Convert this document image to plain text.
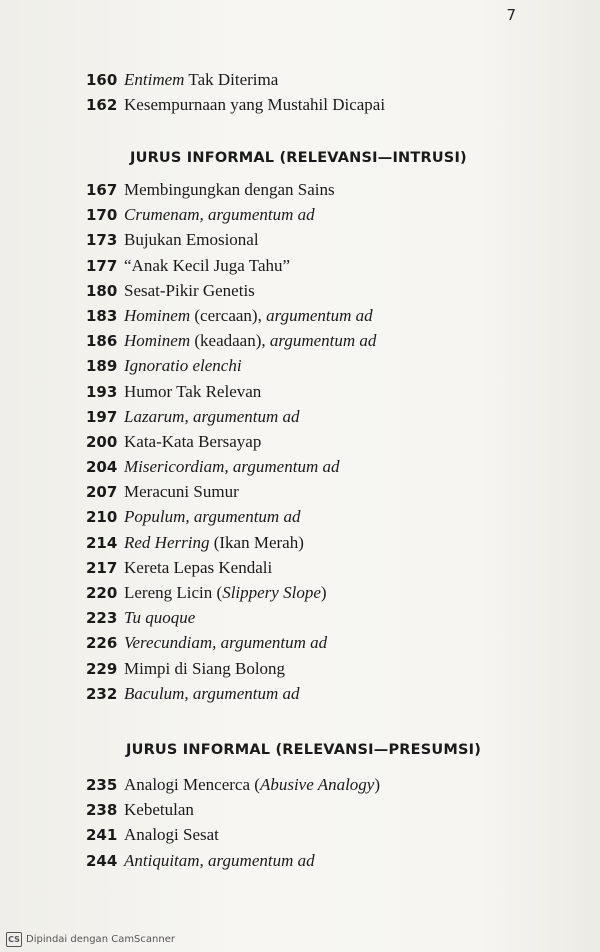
7
160 Entimem Tak Diterima
162 Kesempurnaan yang Mustahil Dicapai
JURUS INFORMAL (RELEVANSI—INTRUSI)
167 Membingungkan dengan Sains
170 Crumenam, argumentum ad
173 Bujukan Emosional
177 “Anak Kecil Juga Tahu”
180 Sesat-Pikir Genetis
183 Hominem (cercaan), argumentum ad
186 Hominem (keadaan), argumentum ad
189 Ignoratio elenchi
193 Humor Tak Relevan
197 Lazarum, argumentum ad
200 Kata-Kata Bersayap
204 Misericordiam, argumentum ad
207 Meracuni Sumur
210 Populum, argumentum ad
214 Red Herring (Ikan Merah)
217 Kereta Lepas Kendali
220 Lereng Licin (Slippery Slope)
223 Tu quoque
226 Verecundiam, argumentum ad
229 Mimpi di Siang Bolong
232 Baculum, argumentum ad
JURUS INFORMAL (RELEVANSI—PRESUMSI)
235 Analogi Mencerca (Abusive Analogy)
238 Kebetulan
241 Analogi Sesat
244 Antiquitam, argumentum ad
CS Dipindai dengan CamScanner
